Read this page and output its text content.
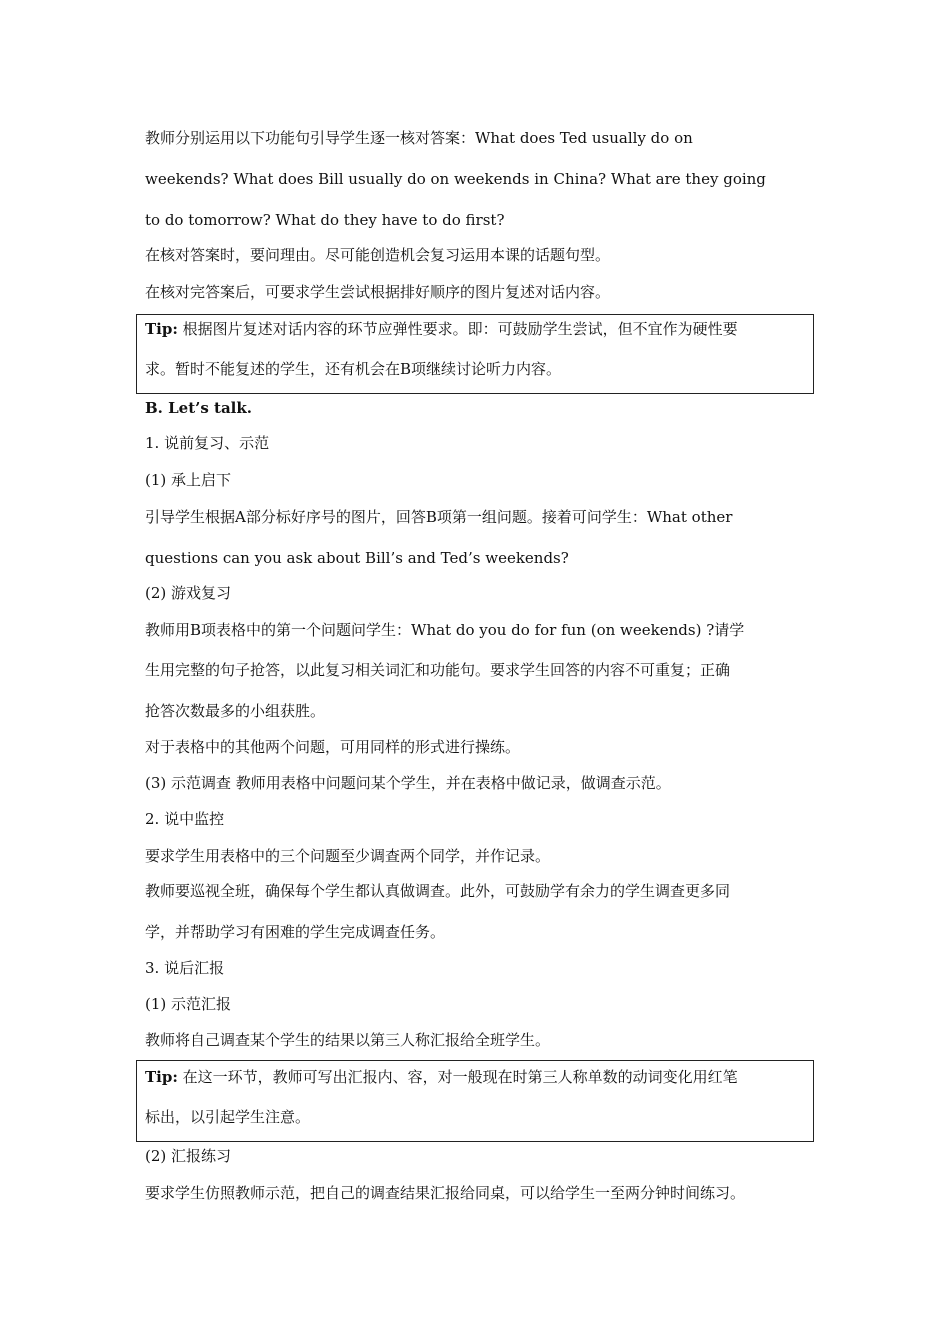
教师分别运用以下功能句引导学生逐一核对答案：What does Ted usually do on
weekends? What does Bill usually do on weekends in China? What are they going
to do tomorrow? What do they have to do first?
在核对答案时，要问理由。尽可能创造机会复习运用本课的话题句型。
在核对完答案后，可要求学生尝试根据排好顺序的图片复述对话内容。
Tip: 根据图片复述对话内容的环节应弹性要求。即：可鼓励学生尝试，但不宜作为硬性要
求。暂时不能复述的学生，还有机会在B项继续讨论听力内容。
B. Let’s talk.
1. 说前复习、示范
(1) 承上启下
引导学生根据A部分标好序号的图片，回答B项第一组问题。接着可问学生：What other
questions can you ask about Bill’s and Ted’s weekends?
(2) 游戏复习
教师用B项表格中的第一个问题问学生：What do you do for fun (on weekends) ?请学
生用完整的句子抢答，以此复习相关词汇和功能句。要求学生回答的内容不可重复；正确
抢答次数最多的小组获胜。
对于表格中的其他两个问题，可用同样的形式进行操练。
(3) 示范调查 教师用表格中问题问某个学生，并在表格中做记录，做调查示范。
2. 说中监控
要求学生用表格中的三个问题至少调查两个同学，并作记录。
教师要巡视全班，确保每个学生都认真做调查。此外，可鼓励学有余力的学生调查更多同
学，并帮助学习有困难的学生完成调查任务。
3. 说后汇报
(1) 示范汇报
教师将自己调查某个学生的结果以第三人称汇报给全班学生。
Tip: 在这一环节，教师可写出汇报内、容，对一般现在时第三人称单数的动词变化用红笔
标出，以引起学生注意。
(2) 汇报练习
要求学生仿照教师示范，把自己的调查结果汇报给同桌，可以给学生一至两分钟时间练习。
